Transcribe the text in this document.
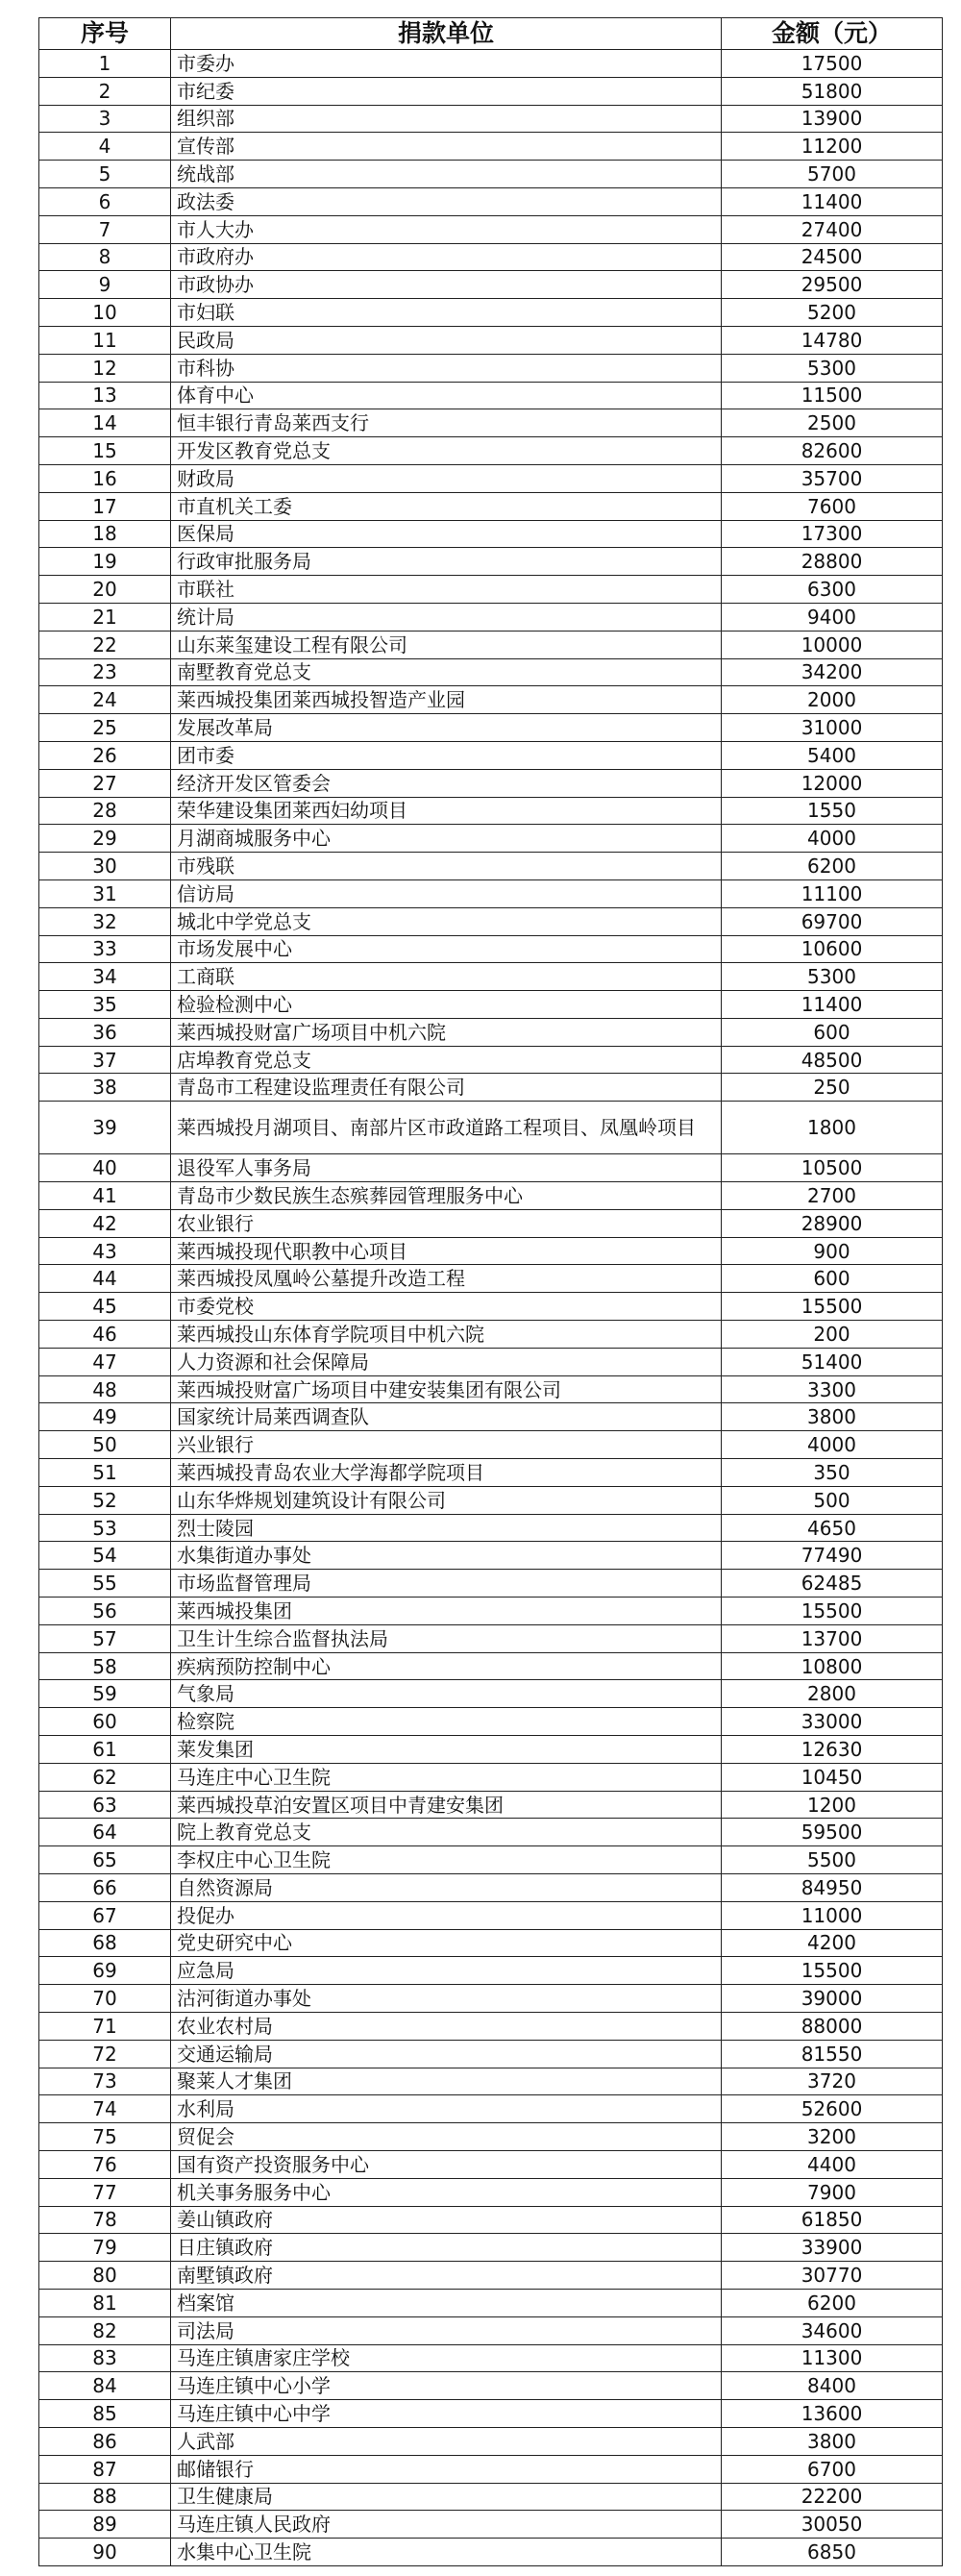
序号	捐款单位	金额（元）
1	市委办	17500
2	市纪委	51800
3	组织部	13900
4	宣传部	11200
5	统战部	5700
6	政法委	11400
7	市人大办	27400
8	市政府办	24500
9	市政协办	29500
10	市妇联	5200
11	民政局	14780
12	市科协	5300
13	体育中心	11500
14	恒丰银行青岛莱西支行	2500
15	开发区教育党总支	82600
16	财政局	35700
17	市直机关工委	7600
18	医保局	17300
19	行政审批服务局	28800
20	市联社	6300
21	统计局	9400
22	山东莱玺建设工程有限公司	10000
23	南墅教育党总支	34200
24	莱西城投集团莱西城投智造产业园	2000
25	发展改革局	31000
26	团市委	5400
27	经济开发区管委会	12000
28	荣华建设集团莱西妇幼项目	1550
29	月湖商城服务中心	4000
30	市残联	6200
31	信访局	11100
32	城北中学党总支	69700
33	市场发展中心	10600
34	工商联	5300
35	检验检测中心	11400
36	莱西城投财富广场项目中机六院	600
37	店埠教育党总支	48500
38	青岛市工程建设监理责任有限公司	250
39	莱西城投月湖项目、南部片区市政道路工程项目、凤凰岭项目	1800
40	退役军人事务局	10500
41	青岛市少数民族生态殡葬园管理服务中心	2700
42	农业银行	28900
43	莱西城投现代职教中心项目	900
44	莱西城投凤凰岭公墓提升改造工程	600
45	市委党校	15500
46	莱西城投山东体育学院项目中机六院	200
47	人力资源和社会保障局	51400
48	莱西城投财富广场项目中建安装集团有限公司	3300
49	国家统计局莱西调查队	3800
50	兴业银行	4000
51	莱西城投青岛农业大学海都学院项目	350
52	山东华烨规划建筑设计有限公司	500
53	烈士陵园	4650
54	水集街道办事处	77490
55	市场监督管理局	62485
56	莱西城投集团	15500
57	卫生计生综合监督执法局	13700
58	疾病预防控制中心	10800
59	气象局	2800
60	检察院	33000
61	莱发集团	12630
62	马连庄中心卫生院	10450
63	莱西城投草泊安置区项目中青建安集团	1200
64	院上教育党总支	59500
65	李权庄中心卫生院	5500
66	自然资源局	84950
67	投促办	11000
68	党史研究中心	4200
69	应急局	15500
70	沽河街道办事处	39000
71	农业农村局	88000
72	交通运输局	81550
73	聚莱人才集团	3720
74	水利局	52600
75	贸促会	3200
76	国有资产投资服务中心	4400
77	机关事务服务中心	7900
78	姜山镇政府	61850
79	日庄镇政府	33900
80	南墅镇政府	30770
81	档案馆	6200
82	司法局	34600
83	马连庄镇唐家庄学校	11300
84	马连庄镇中心小学	8400
85	马连庄镇中心中学	13600
86	人武部	3800
87	邮储银行	6700
88	卫生健康局	22200
89	马连庄镇人民政府	30050
90	水集中心卫生院	6850
